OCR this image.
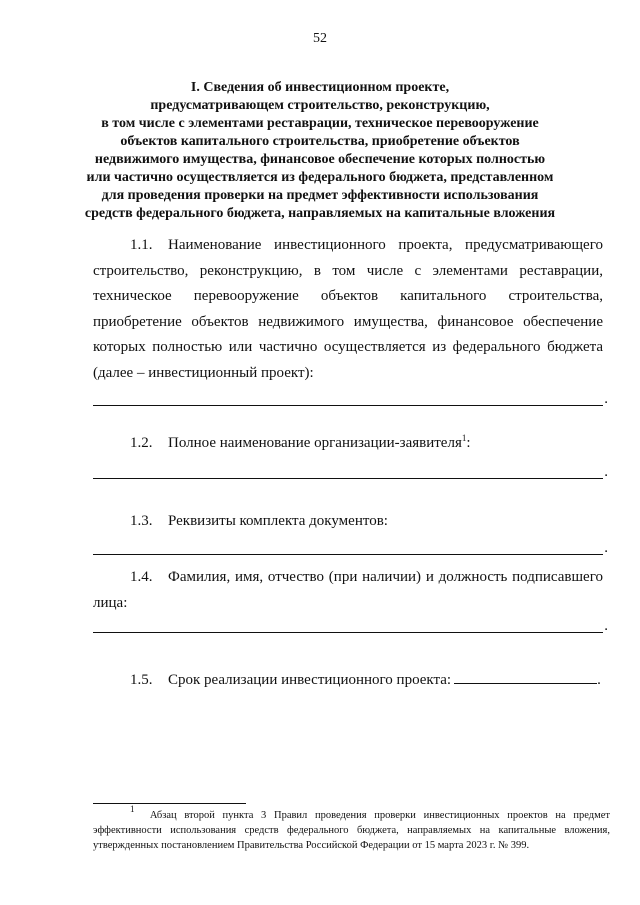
52
I. Сведения об инвестиционном проекте,
предусматривающем строительство, реконструкцию,
в том числе с элементами реставрации, техническое перевооружение
объектов капитального строительства, приобретение объектов
недвижимого имущества, финансовое обеспечение которых полностью
или частично осуществляется из федерального бюджета, представленном
для проведения проверки на предмет эффективности использования
средств федерального бюджета, направляемых на капитальные вложения
1.1. Наименование инвестиционного проекта, предусматривающего
строительство, реконструкцию, в том числе с элементами реставрации,
техническое перевооружение объектов капитального строительства,
приобретение объектов недвижимого имущества, финансовое обеспечение
которых полностью или частично осуществляется из федерального бюджета
(далее – инвестиционный проект):
.
1.2. Полное наименование организации-заявителя$^1$:
.
1.3. Реквизиты комплекта документов:
.
1.4. Фамилия, имя, отчество (при наличии) и должность подписавшего
лица:
.
1.5. Срок реализации инвестиционного проекта:	.
$^1$  Абзац второй пункта 3 Правил проведения проверки инвестиционных проектов на предмет
эффективности использования средств федерального бюджета, направляемых на капитальные вложения,
утвержденных постановлением Правительства Российской Федерации от 15 марта 2023 г. № 399.
